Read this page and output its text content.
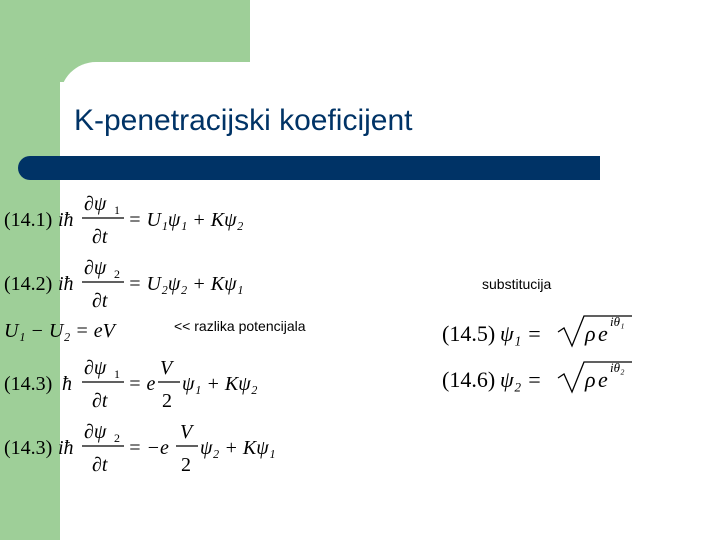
K-penetracijski koeficijent
substitucija
<< razlika potencijala
(14.1) iħ
∂ψ 1
∂t
= U₁ψ₁ + Kψ₂
(14.2) iħ
∂ψ 2
∂t
= U₂ψ₂ + Kψ₁
U₁ − U₂ = eV
(14.3) ħ
∂ψ 1
∂t
= e
V
2
ψ₁ + Kψ₂
(14.3) iħ
∂ψ 2
∂t
= −e
V
2
ψ₂ + Kψ₁
(14.5) ψ₁ = ρ e iθ₁
(14.6) ψ₂ = ρ e iθ₂
